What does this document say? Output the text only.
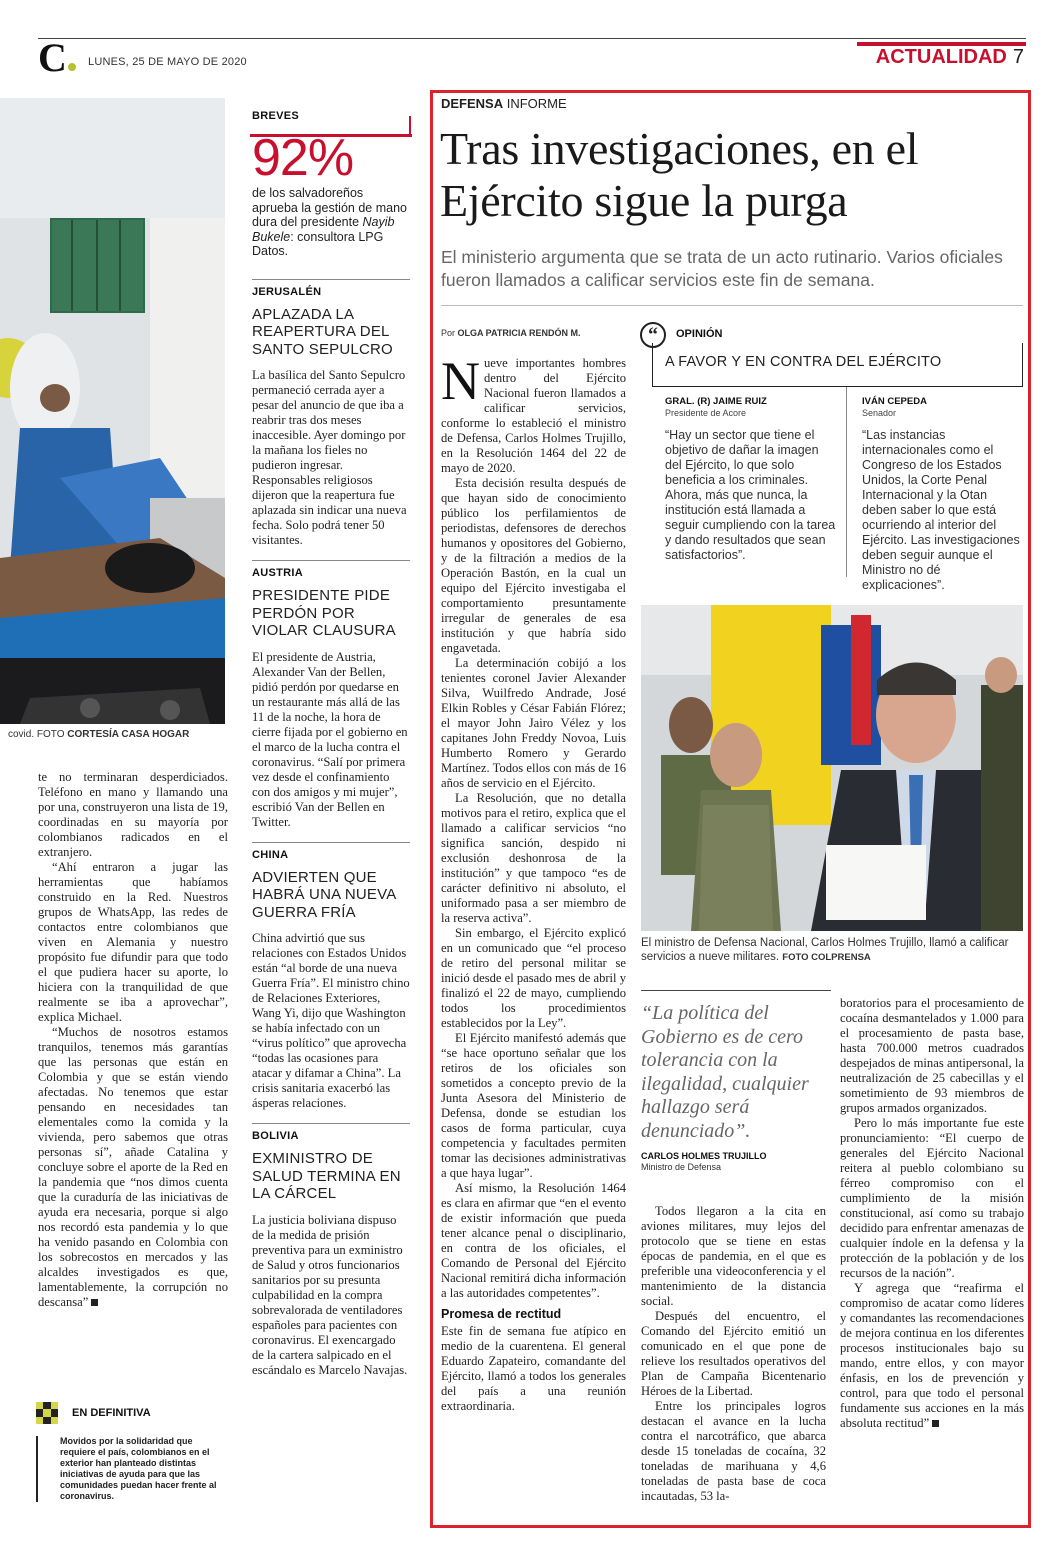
C	LUNES, 25 DE MAYO DE 2020	ACTUALIDAD 7
covid. FOTO CORTESÍA CASA HOGAR

te no terminaran desperdiciados. Teléfono en mano y llamando una por una, construyeron una lista de 19, coordinadas en su mayoría por colombianos radicados en el extranjero.

“Ahí entraron a jugar las herramientas que habíamos construido en la Red. Nuestros grupos de WhatsApp, las redes de contactos entre colombianos que viven en Alemania y nuestro propósito fue difundir para que todo el que pudiera hacer su aporte, lo hiciera con la tranquilidad de que realmente se iba a aprovechar”, explica Michael.

“Muchos de nosotros estamos tranquilos, tenemos más garantías que las personas que están en Colombia y que se están viendo afectadas. No tenemos que estar pensando en necesidades tan elementales como la comida y la vivienda, pero sabemos que otras personas sí”, añade Catalina y concluye sobre el aporte de la Red en la pandemia que “nos dimos cuenta que la curaduría de las iniciativas de ayuda era necesaria, porque si algo nos recordó esta pandemia y lo que ha venido pasando en Colombia con los sobrecostos en mercados y las alcaldes investigados es que, lamentablemente, la corrupción no descansa”

EN DEFINITIVA
Movidos por la solidaridad que requiere el país, colombianos en el exterior han planteado distintas iniciativas de ayuda para que las comunidades puedan hacer frente al coronavirus.
BREVES
92%
de los salvadoreños aprueba la gestión de mano dura del presidente Nayib Bukele: consultora LPG Datos.
JERUSALÉN
APLAZADA LA REAPERTURA DEL SANTO SEPULCRO
La basílica del Santo Sepulcro permaneció cerrada ayer a pesar del anuncio de que iba a reabrir tras dos meses inaccesible. Ayer domingo por la mañana los fieles no pudieron ingresar. Responsables religiosos dijeron que la reapertura fue aplazada sin indicar una nueva fecha. Solo podrá tener 50 visitantes.
AUSTRIA
PRESIDENTE PIDE PERDÓN POR VIOLAR CLAUSURA
El presidente de Austria, Alexander Van der Bellen, pidió perdón por quedarse en un restaurante más allá de las 11 de la noche, la hora de cierre fijada por el gobierno en el marco de la lucha contra el coronavirus. “Salí por primera vez desde el confinamiento con dos amigos y mi mujer”, escribió Van der Bellen en Twitter.
CHINA
ADVIERTEN QUE HABRÁ UNA NUEVA GUERRA FRÍA
China advirtió que sus relaciones con Estados Unidos están “al borde de una nueva Guerra Fría”. El ministro chino de Relaciones Exteriores, Wang Yi, dijo que Washington se había infectado con un “virus político” que aprovecha “todas las ocasiones para atacar y difamar a China”. La crisis sanitaria exacerbó las ásperas relaciones.
BOLIVIA
EXMINISTRO DE SALUD TERMINA EN LA CÁRCEL
La justicia boliviana dispuso de la medida de prisión preventiva para un exministro de Salud y otros funcionarios sanitarios por su presunta culpabilidad en la compra sobrevalorada de ventiladores españoles para pacientes con coronavirus. El exencargado de la cartera salpicado en el escándalo es Marcelo Navajas.
DEFENSA INFORME
Tras investigaciones, en el Ejército sigue la purga
El ministerio argumenta que se trata de un acto rutinario. Varios oficiales fueron llamados a calificar servicios este fin de semana.
Por OLGA PATRICIA RENDÓN M.

Nueve importantes hombres dentro del Ejército Nacional fueron llamados a calificar servicios, conforme lo estableció el ministro de Defensa, Carlos Holmes Trujillo, en la Resolución 1464 del 22 de mayo de 2020.

Esta decisión resulta después de que hayan sido de conocimiento público los perfilamientos de periodistas, defensores de derechos humanos y opositores del Gobierno, y de la filtración a medios de la Operación Bastón, en la cual un equipo del Ejército investigaba el comportamiento presuntamente irregular de generales de esa institución y que habría sido engavetada.

La determinación cobijó a los tenientes coronel Javier Alexander Silva, Wuilfredo Andrade, José Elkin Robles y César Fabián Flórez; el mayor John Jairo Vélez y los capitanes John Freddy Novoa, Luis Humberto Romero y Gerardo Martínez. Todos ellos con más de 16 años de servicio en el Ejército.

La Resolución, que no detalla motivos para el retiro, explica que el llamado a calificar servicios “no significa sanción, despido ni exclusión deshonrosa de la institución” y que tampoco “es de carácter definitivo ni absoluto, el uniformado pasa a ser miembro de la reserva activa”.

Sin embargo, el Ejército explicó en un comunicado que “el proceso de retiro del personal militar se inició desde el pasado mes de abril y finalizó el 22 de mayo, cumpliendo todos los procedimientos establecidos por la Ley”.

El Ejército manifestó además que “se hace oportuno señalar que los retiros de los oficiales son sometidos a concepto previo de la Junta Asesora del Ministerio de Defensa, donde se estudian los casos de forma particular, cuya competencia y facultades permiten tomar las decisiones administrativas a que haya lugar”.

Así mismo, la Resolución 1464 es clara en afirmar que “en el evento de existir información que pueda tener alcance penal o disciplinario, en contra de los oficiales, el Comando de Personal del Ejército Nacional remitirá dicha información a las autoridades competentes”.

Promesa de rectitud

Este fin de semana fue atípico en medio de la cuarentena. El general Eduardo Zapateiro, comandante del Ejército, llamó a todos los generales del país a una reunión extraordinaria.

“	OPINIÓN
A FAVOR Y EN CONTRA DEL EJÉRCITO
GRAL. (R) JAIME RUIZ
Presidente de Acore
“Hay un sector que tiene el objetivo de dañar la imagen del Ejército, lo que solo beneficia a los criminales. Ahora, más que nunca, la institución está llamada a seguir cumpliendo con la tarea y dando resultados que sean satisfactorios”.
IVÁN CEPEDA
Senador
“Las instancias internacionales como el Congreso de los Estados Unidos, la Corte Penal Internacional y la Otan deben saber lo que está ocurriendo al interior del Ejército. Las investigaciones deben seguir aunque el Ministro no dé explicaciones”.
El ministro de Defensa Nacional, Carlos Holmes Trujillo, llamó a calificar servicios a nueve militares. FOTO COLPRENSA
“La política del Gobierno es de cero tolerancia con la ilegalidad, cualquier hallazgo será denunciado”.
CARLOS HOLMES TRUJILLO
Ministro de Defensa

Todos llegaron a la cita en aviones militares, muy lejos del protocolo que se tiene en estas épocas de pandemia, en el que es preferible una videoconferencia y el mantenimiento de la distancia social.

Después del encuentro, el Comando del Ejército emitió un comunicado en el que pone de relieve los resultados operativos del Plan de Campaña Bicentenario Héroes de la Libertad.

Entre los principales logros destacan el avance en la lucha contra el narcotráfico, que abarca desde 15 toneladas de cocaína, 32 toneladas de marihuana y 4,6 toneladas de pasta base de coca incautadas, 53 la-

boratorios para el procesamiento de cocaína desmantelados y 1.000 para el procesamiento de pasta base, hasta 700.000 metros cuadrados despejados de minas antipersonal, la neutralización de 25 cabecillas y el sometimiento de 93 miembros de grupos armados organizados.

Pero lo más importante fue este pronunciamiento: “El cuerpo de generales del Ejército Nacional reitera al pueblo colombiano su férreo compromiso con el cumplimiento de la misión constitucional, así como su trabajo decidido para enfrentar amenazas de cualquier índole en la defensa y la protección de la población y de los recursos de la nación”.

Y agrega que “reafirma el compromiso de acatar como líderes y comandantes las recomendaciones de mejora continua en los diferentes procesos institucionales bajo su mando, entre ellos, y con mayor énfasis, en los de prevención y control, para que todo el personal fundamente sus acciones en la más absoluta rectitud”
